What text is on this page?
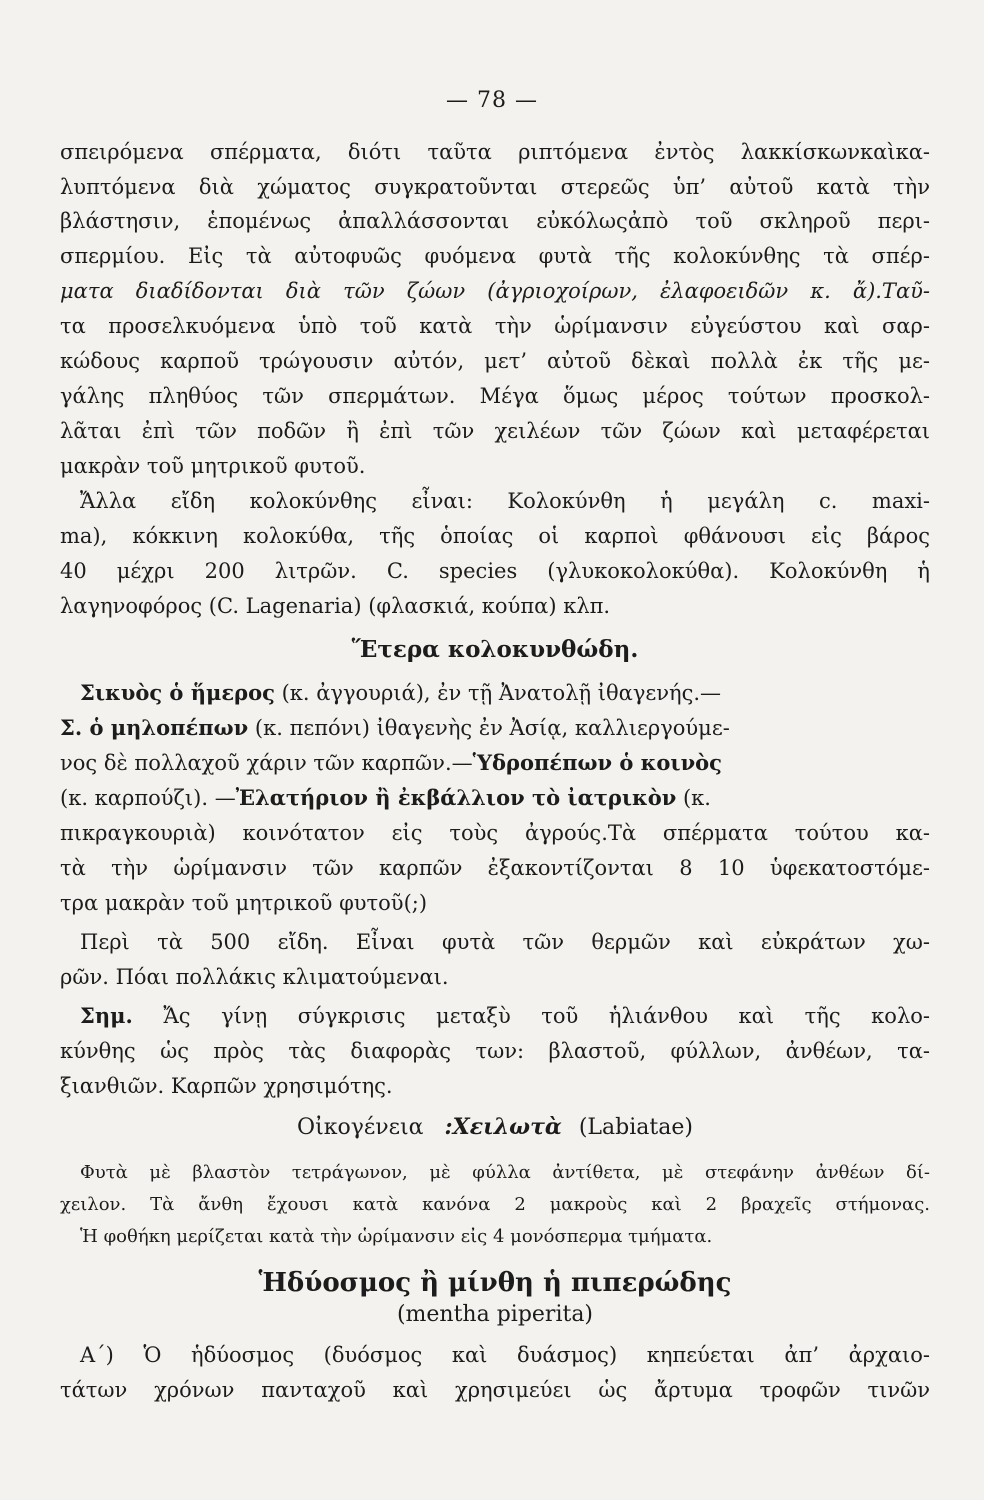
— 78 —
σπειρόμενα σπέρματα, διότι ταῦτα ριπτόμενα ἐντὸς λακκίσκωνκαὶκα-
λυπτόμενα διὰ χώματος συγκρατοῦνται στερεῶς ὑπ’ αὐτοῦ κατὰ τὴν
βλάστησιν, ἑπομένως ἀπαλλάσσονται εὐκόλωςἀπὸ τοῦ σκληροῦ περι-
σπερμίου. Εἰς τὰ αὐτοφυῶς φυόμενα φυτὰ τῆς κολοκύνθης τὰ σπέρ-
ματα διαδίδονται διὰ τῶν ζώων (ἀγριοχοίρων, ἐλαφοειδῶν κ. ἄ).Ταῦ-
τα προσελκυόμενα ὑπὸ τοῦ κατὰ τὴν ὡρίμανσιν εὐγεύστου καὶ σαρ-
κώδους καρποῦ τρώγουσιν αὐτόν, μετ’ αὐτοῦ δὲκαὶ πολλὰ ἐκ τῆς με-
γάλης πληθύος τῶν σπερμάτων. Μέγα ὅμως μέρος τούτων προσκολ-
λᾶται ἐπὶ τῶν ποδῶν ἢ ἐπὶ τῶν χειλέων τῶν ζώων καὶ μεταφέρεται
μακρὰν τοῦ μητρικοῦ φυτοῦ.
Ἄλλα εἴδη κολοκύνθης εἶναι: Κολοκύνθη ἡ μεγάλη c. maxi-
ma), κόκκινη κολοκύθα, τῆς ὁποίας οἱ καρποὶ φθάνουσι εἰς βάρος
40 μέχρι 200 λιτρῶν. C. species (γλυκοκολοκύθα). Κολοκύνθη ἡ
λαγηνοφόρος (C. Lagenaria) (φλασκιά, κούπα) κλπ.
Ἕτερα κολοκυνθώδη.
Σικυὸς ὁ ἥμερος (κ. ἀγγουριά), ἐν τῇ Ἀνατολῇ ἰθαγενής.—
Σ. ὁ μηλοπέπων (κ. πεπόνι) ἰθαγενὴς ἐν Ἀσίᾳ, καλλιεργούμε-
νος δὲ πολλαχοῦ χάριν τῶν καρπῶν.—Ὑδροπέπων ὁ κοινὸς
(κ. καρπούζι). —Ἐλατήριον ἢ ἐκβάλλιον τὸ ἰατρικὸν (κ.
πικραγκουριὰ) κοινότατον εἰς τοὺς ἀγρούς.Τὰ σπέρματα τούτου κα-
τὰ τὴν ὡρίμανσιν τῶν καρπῶν ἐξακοντίζονται 8 10 ὑφεκατοστόμε-
τρα μακρὰν τοῦ μητρικοῦ φυτοῦ(;)
Περὶ τὰ 500 εἴδη. Εἶναι φυτὰ τῶν θερμῶν καὶ εὐκράτων χω-
ρῶν. Πόαι πολλάκις κλιματούμεναι.
Σημ. Ἄς γίνῃ σύγκρισις μεταξὺ τοῦ ἡλιάνθου καὶ τῆς κολο-
κύνθης ὡς πρὸς τὰς διαφορὰς των: βλαστοῦ, φύλλων, ἀνθέων, τα-
ξιανθιῶν. Καρπῶν χρησιμότης.
Οἰκογένεια :Χειλωτὰ (Labiatae)
Φυτὰ μὲ βλαστὸν τετράγωνον, μὲ φύλλα ἀντίθετα, μὲ στεφάνην ἀνθέων δί-
χειλον. Τὰ ἄνθη ἔχουσι κατὰ κανόνα 2 μακροὺς καὶ 2 βραχεῖς στήμονας.
Ἡ φοθήκη μερίζεται κατὰ τὴν ὡρίμανσιν εἰς 4 μονόσπερμα τμήματα.
Ἡδύοσμος ἢ μίνθη ἡ πιπερώδης
(mentha piperita)
Α΄) Ὁ ἡδύοσμος (δυόσμος καὶ δυάσμος) κηπεύεται ἀπ’ ἀρχαιο-
τάτων χρόνων πανταχοῦ καὶ χρησιμεύει ὡς ἄρτυμα τροφῶν τινῶν
